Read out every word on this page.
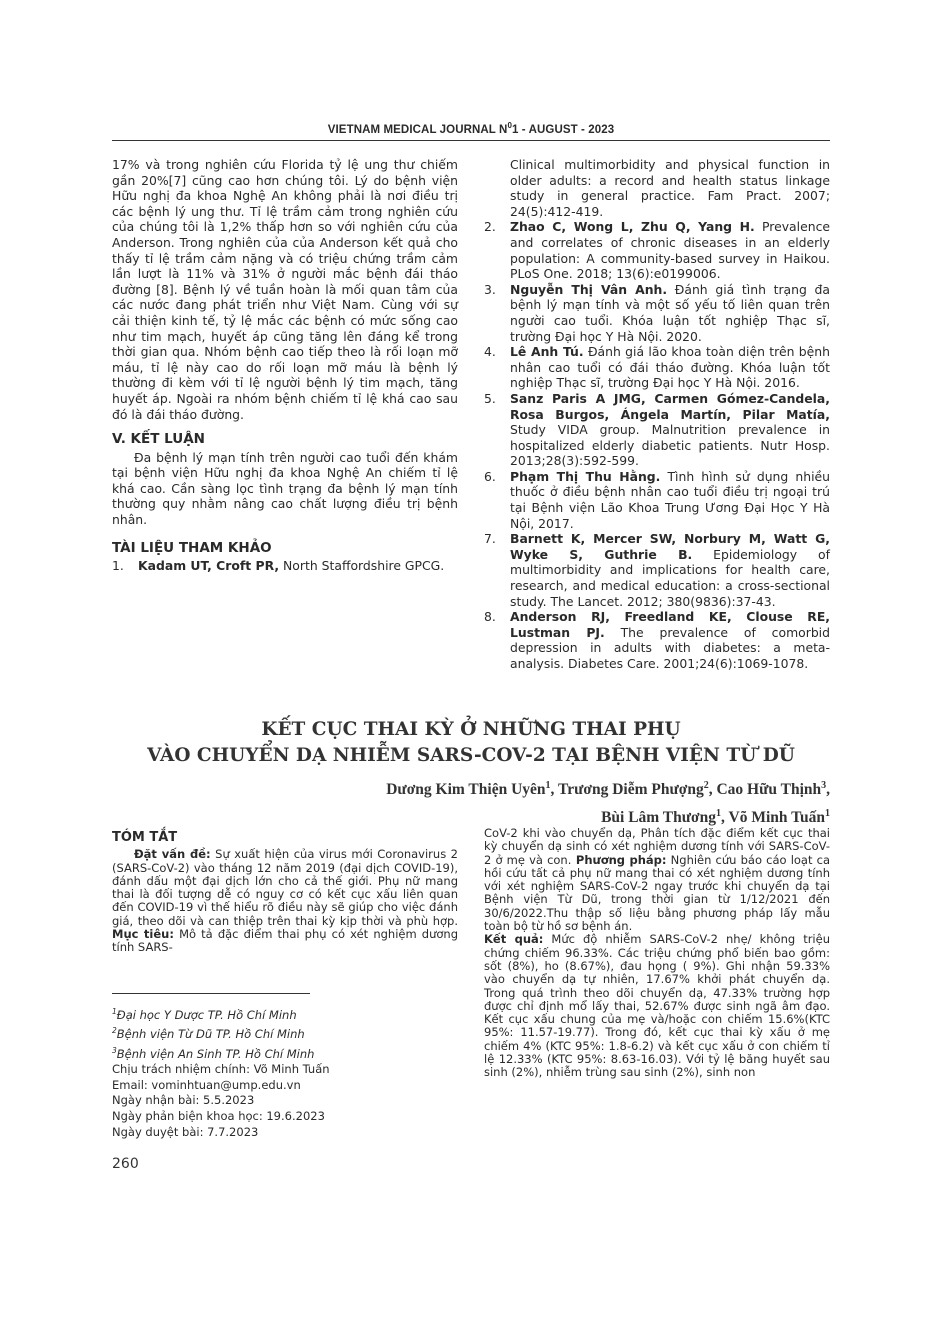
VIETNAM MEDICAL JOURNAL $N^01$ - AUGUST - 2023

17% và trong nghiên cứu Florida tỷ lệ ung thư chiếm gần 20%[7] cũng cao hơn chúng tôi. Lý do bệnh viện Hữu nghị đa khoa Nghệ An không phải là nơi điều trị các bệnh lý ung thư. Tỉ lệ trầm cảm trong nghiên cứu của chúng tôi là 1,2% thấp hơn so với nghiên cứu của Anderson. Trong nghiên của của Anderson kết quả cho thấy tỉ lệ trầm cảm nặng và có triệu chứng trầm cảm lần lượt là 11% và 31% ở người mắc bệnh đái tháo đường [8]. Bệnh lý về tuần hoàn là mối quan tâm của các nước đang phát triển như Việt Nam. Cùng với sự cải thiện kinh tế, tỷ lệ mắc các bệnh có mức sống cao như tim mạch, huyết áp cũng tăng lên đáng kể trong thời gian qua. Nhóm bệnh cao tiếp theo là rối loạn mỡ máu, tỉ lệ này cao do rối loạn mỡ máu là bệnh lý thường đi kèm với tỉ lệ người bệnh lý tim mạch, tăng huyết áp. Ngoài ra nhóm bệnh chiếm tỉ lệ khá cao sau đó là đái tháo đường.

V. KẾT LUẬN

Đa bệnh lý mạn tính trên người cao tuổi đến khám tại bệnh viện Hữu nghị đa khoa Nghệ An chiếm tỉ lệ khá cao. Cần sàng lọc tình trạng đa bệnh lý mạn tính thường quy nhằm nâng cao chất lượng điều trị bệnh nhân.

TÀI LIỆU THAM KHẢO
1. Kadam UT, Croft PR, North Staffordshire GPCG.
Clinical multimorbidity and physical function in older adults: a record and health status linkage study in general practice. Fam Pract. 2007; 24(5):412-419.
2. Zhao C, Wong L, Zhu Q, Yang H. Prevalence and correlates of chronic diseases in an elderly population: A community-based survey in Haikou. PLoS One. 2018; 13(6):e0199006.
3. Nguyễn Thị Vân Anh. Đánh giá tình trạng đa bệnh lý mạn tính và một số yếu tố liên quan trên người cao tuổi. Khóa luận tốt nghiệp Thạc sĩ, trường Đại học Y Hà Nội. 2020.
4. Lê Anh Tú. Đánh giá lão khoa toàn diện trên bệnh nhân cao tuổi có đái tháo đường. Khóa luận tốt nghiệp Thạc sĩ, trường Đại học Y Hà Nội. 2016.
5. Sanz Paris A JMG, Carmen Gómez-Candela, Rosa Burgos, Ángela Martín, Pilar Matía, Study VIDA group. Malnutrition prevalence in hospitalized elderly diabetic patients. Nutr Hosp. 2013;28(3):592-599.
6. Phạm Thị Thu Hằng. Tình hình sử dụng nhiều thuốc ở điều bệnh nhân cao tuổi điều trị ngoại trú tại Bệnh viện Lão Khoa Trung Ương Đại Học Y Hà Nội, 2017.
7. Barnett K, Mercer SW, Norbury M, Watt G, Wyke S, Guthrie B. Epidemiology of multimorbidity and implications for health care, research, and medical education: a cross-sectional study. The Lancet. 2012; 380(9836):37-43.
8. Anderson RJ, Freedland KE, Clouse RE, Lustman PJ. The prevalence of comorbid depression in adults with diabetes: a meta-analysis. Diabetes Care. 2001;24(6):1069-1078.
KẾT CỤC THAI KỲ Ở NHỮNG THAI PHỤ
VÀO CHUYỂN DẠ NHIỄM SARS-COV-2 TẠI BỆNH VIỆN TỪ DŨ
Dương Kim Thiện Uyên$^1$, Trương Diễm Phượng$^2$, Cao Hữu Thịnh$^3$,
Bùi Lâm Thương$^1$, Võ Minh Tuấn$^1$
TÓM TẮT

Đặt vấn đề: Sự xuất hiện của virus mới Coronavirus 2 (SARS-CoV-2) vào tháng 12 năm 2019 (đại dịch COVID-19), đánh dấu một đại dịch lớn cho cả thế giới. Phụ nữ mang thai là đối tượng dễ có nguy cơ có kết cục xấu liên quan đến COVID-19 vì thế hiểu rõ điều này sẽ giúp cho việc đánh giá, theo dõi và can thiệp trên thai kỳ kịp thời và phù hợp. Mục tiêu: Mô tả đặc điểm thai phụ có xét nghiệm dương tính SARS-

CoV-2 khi vào chuyển dạ, Phân tích đặc điểm kết cục thai kỳ chuyển dạ sinh có xét nghiệm dương tính với SARS-CoV-2 ở mẹ và con. Phương pháp: Nghiên cứu báo cáo loạt ca hồi cứu tất cả phụ nữ mang thai có xét nghiệm dương tính với xét nghiệm SARS-CoV-2 ngay trước khi chuyển dạ tại Bệnh viện Từ Dũ, trong thời gian từ 1/12/2021 đến 30/6/2022.Thu thập số liệu bằng phương pháp lấy mẫu toàn bộ từ hồ sơ bệnh án.

Kết quả: Mức độ nhiễm SARS-CoV-2 nhẹ/ không triệu chứng chiếm 96.33%. Các triệu chứng phổ biến bao gồm: sốt (8%), ho (8.67%), đau họng ( 9%). Ghi nhận 59.33% vào chuyển dạ tự nhiên, 17.67% khởi phát chuyển dạ. Trong quá trình theo dõi chuyển dạ, 47.33% trường hợp được chỉ định mổ lấy thai, 52.67% được sinh ngã âm đạo. Kết cục xấu chung của mẹ và/hoặc con chiếm 15.6%(KTC 95%: 11.57-19.77). Trong đó, kết cục thai kỳ xấu ở mẹ chiếm 4% (KTC 95%: 1.8-6.2) và kết cục xấu ở con chiếm tỉ lệ 12.33% (KTC 95%: 8.63-16.03). Với tỷ lệ băng huyết sau sinh (2%), nhiễm trùng sau sinh (2%), sinh non

$^1$Đại học Y Dược TP. Hồ Chí Minh
$^2$Bệnh viện Từ Dũ TP. Hồ Chí Minh
$^3$Bệnh viện An Sinh TP. Hồ Chí Minh
Chịu trách nhiệm chính: Võ Minh Tuấn
Email: vominhtuan@ump.edu.vn
Ngày nhận bài: 5.5.2023
Ngày phản biện khoa học: 19.6.2023
Ngày duyệt bài: 7.7.2023
260
